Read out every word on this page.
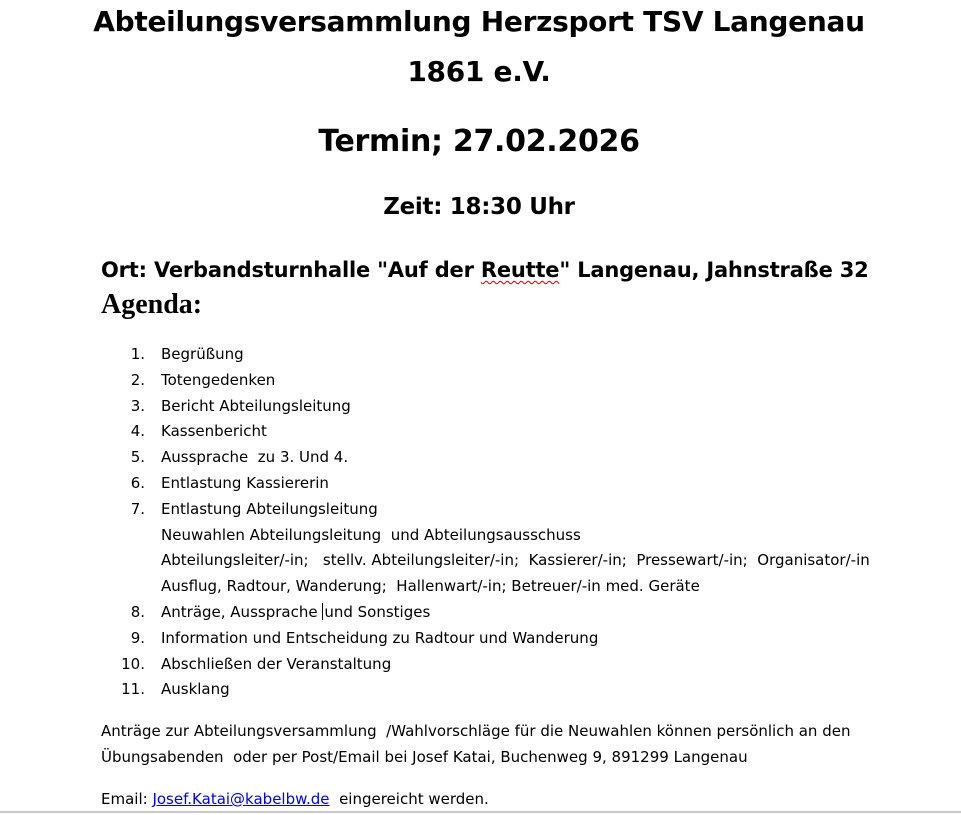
Abteilungsversammlung Herzsport TSV Langenau
1861 e.V.
Termin; 27.02.2026
Zeit: 18:30 Uhr
Ort: Verbandsturnhalle "Auf der Reutte" Langenau, Jahnstraße 32
Agenda:
1.	Begrüßung
2.	Totengedenken
3.	Bericht Abteilungsleitung
4.	Kassenbericht
5.	Aussprache  zu 3. Und 4.
6.	Entlastung Kassiererin
7.	Entlastung Abteilungsleitung
Neuwahlen Abteilungsleitung  und Abteilungsausschuss
Abteilungsleiter/-in;   stellv. Abteilungsleiter/-in;  Kassierer/-in;  Pressewart/-in;  Organisator/-in
Ausflug, Radtour, Wanderung;  Hallenwart/-in; Betreuer/-in med. Geräte
8.	Anträge, Aussprache und Sonstiges
9.	Information und Entscheidung zu Radtour und Wanderung
10.	Abschließen der Veranstaltung
11.	Ausklang
Anträge zur Abteilungsversammlung  /Wahlvorschläge für die Neuwahlen können persönlich an den
Übungsabenden  oder per Post/Email bei Josef Katai, Buchenweg 9, 891299 Langenau
Email: Josef.Katai@kabelbw.de  eingereicht werden.
